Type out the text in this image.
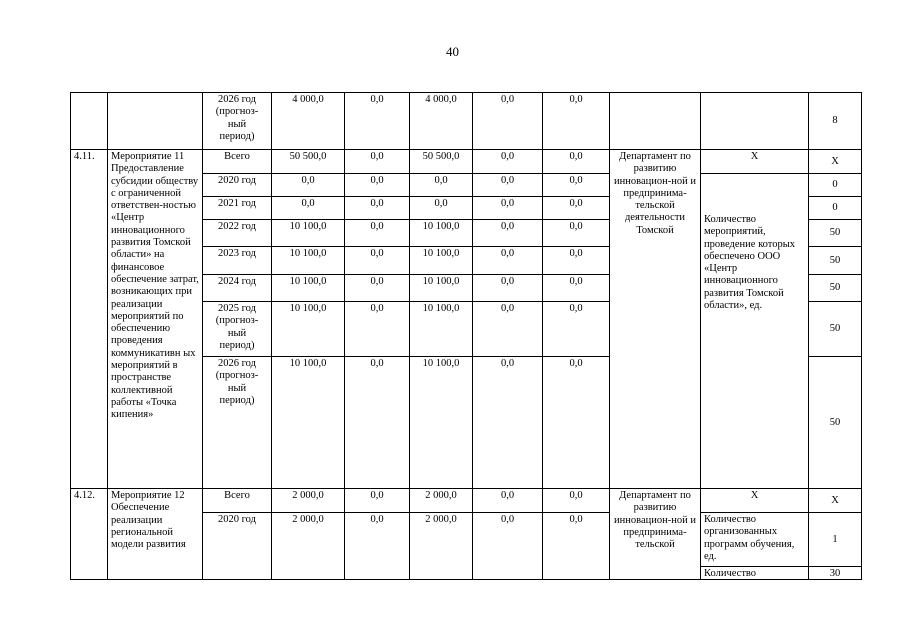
40
		2026 год
(прогноз-
ный
период)	4 000,0	0,0	4 000,0	0,0	0,0			8
4.11.	Мероприятие 11 Предоставление субсидии обществу с ограниченной ответствен-ностью «Центр инновационного развития Томской области» на финансовое обеспечение затрат, возникающих при реализации мероприятий по обеспечению проведения коммуникативн ых мероприятий в пространстве коллективной работы «Точка кипения»	Всего	50 500,0	0,0	50 500,0	0,0	0,0	Департамент по развитию инновацион-ной и предпринима-тельской деятельности Томской	Х	Х
		2020 год	0,0	0,0	0,0	0,0	0,0		Количество мероприятий, проведение которых обеспечено ООО «Центр инновационного развития Томской области», ед.	0
		2021 год	0,0	0,0	0,0	0,0	0,0			0
		2022 год	10 100,0	0,0	10 100,0	0,0	0,0			50
		2023 год	10 100,0	0,0	10 100,0	0,0	0,0			50
		2024 год	10 100,0	0,0	10 100,0	0,0	0,0			50
		2025 год
(прогноз-
ный
период)	10 100,0	0,0	10 100,0	0,0	0,0			50
		2026 год
(прогноз-
ный
период)	10 100,0	0,0	10 100,0	0,0	0,0			50
4.12.	Мероприятие 12 Обеспечение реализации региональной модели развития	Всего	2 000,0	0,0	2 000,0	0,0	0,0	Департамент по развитию инновацион-ной и предпринима-тельской	Х	Х
		2020 год	2 000,0	0,0	2 000,0	0,0	0,0		Количество организованных программ обучения, ед.	1
									Количество	30
